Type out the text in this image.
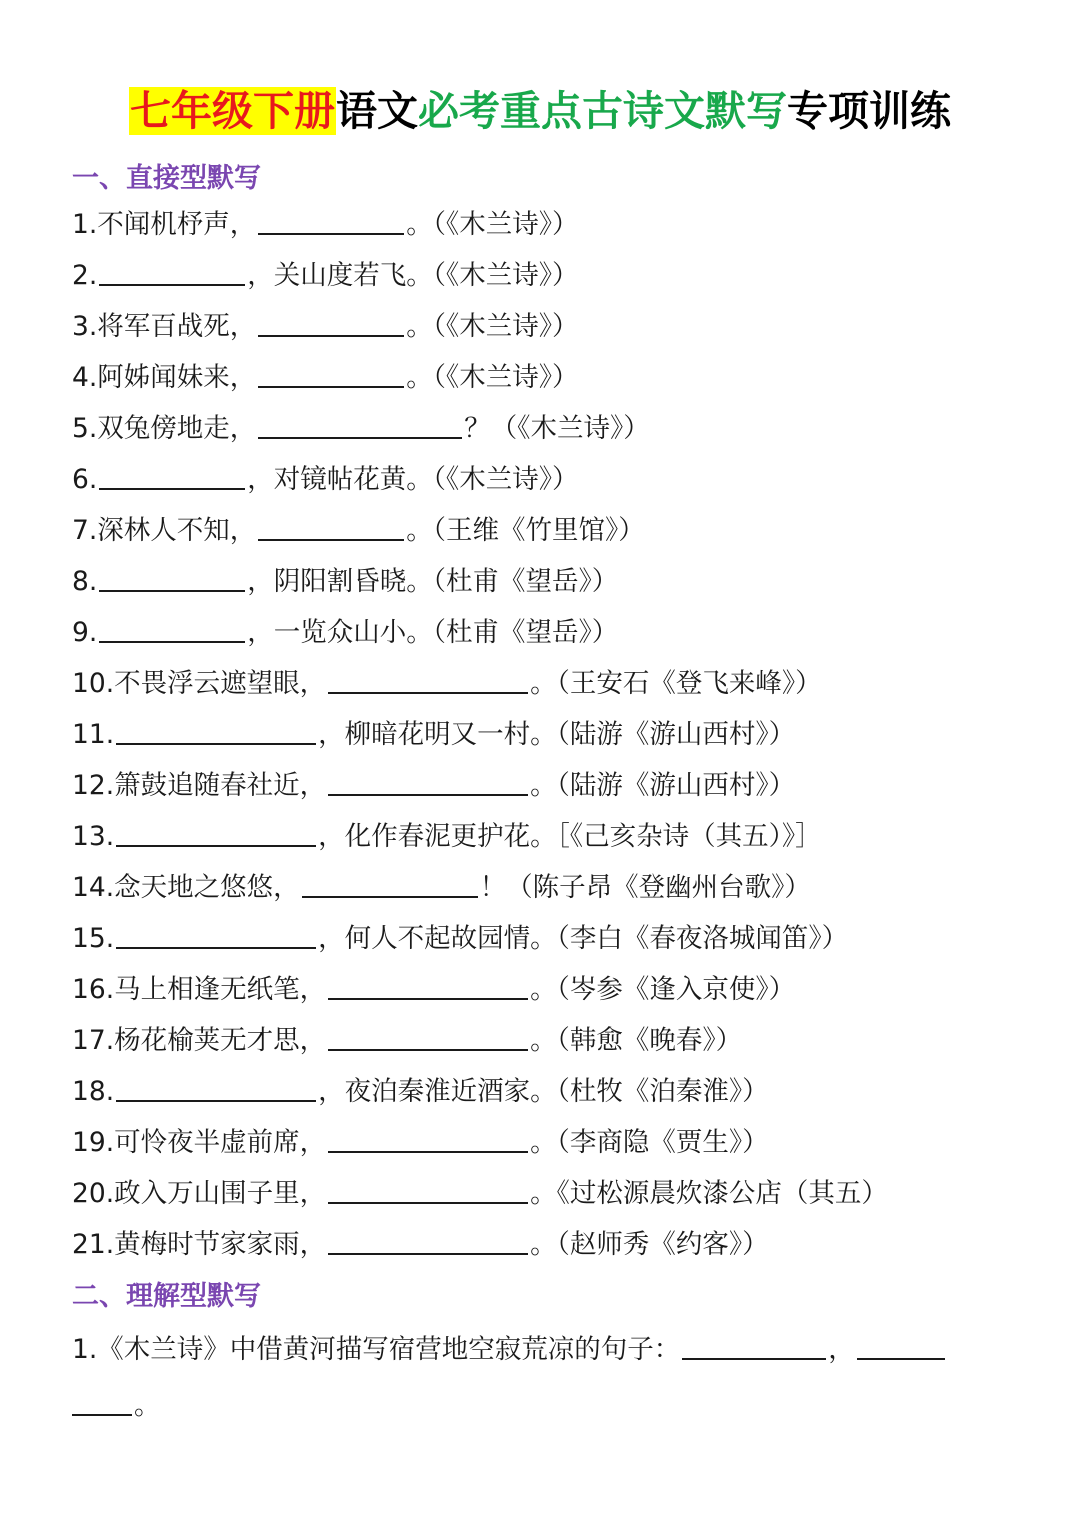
七年级下册语文必考重点古诗文默写专项训练
一、直接型默写
1.不闻机杼声，	。（《木兰诗》）
2.	，关山度若飞。（《木兰诗》）
3.将军百战死，	。（《木兰诗》）
4.阿姊闻妹来，	。（《木兰诗》）
5.双兔傍地走，	？（《木兰诗》）
6.	，对镜帖花黄。（《木兰诗》）
7.深林人不知，	。（王维《竹里馆》）
8.	，阴阳割昏晓。（杜甫《望岳》）
9.	，一览众山小。（杜甫《望岳》）
10.不畏浮云遮望眼，	。（王安石《登飞来峰》）
11.	，柳暗花明又一村。（陆游《游山西村》）
12.箫鼓追随春社近，	。（陆游《游山西村》）
13.	，化作春泥更护花。［《己亥杂诗（其五）》］
14.念天地之悠悠，	！（陈子昂《登幽州台歌》）
15.	，何人不起故园情。（李白《春夜洛城闻笛》）
16.马上相逢无纸笔，	。（岑参《逢入京使》）
17.杨花榆荚无才思，	。（韩愈《晚春》）
18.	，夜泊秦淮近酒家。（杜牧《泊秦淮》）
19.可怜夜半虚前席，	。（李商隐《贾生》）
20.政入万山围子里，	。《过松源晨炊漆公店（其五）
21.黄梅时节家家雨，	。（赵师秀《约客》）
二、理解型默写
1.《木兰诗》中借黄河描写宿营地空寂荒凉的句子：	，
。
